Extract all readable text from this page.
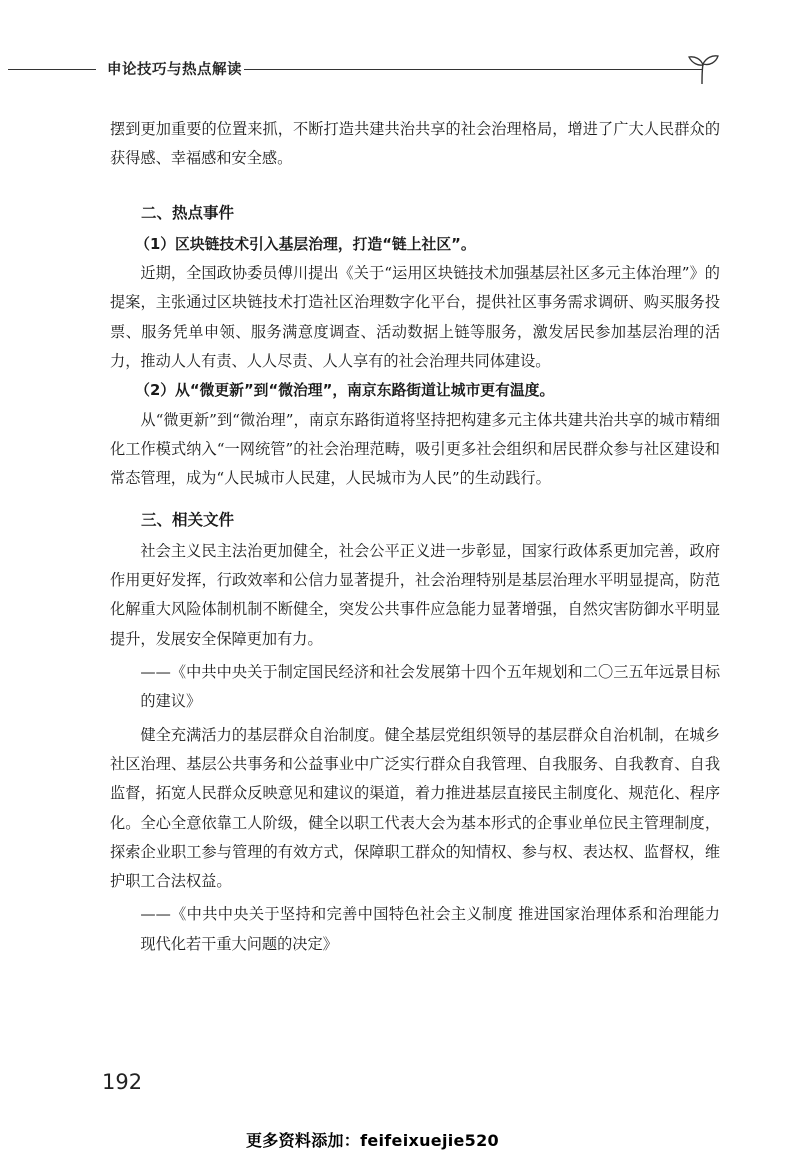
申论技巧与热点解读

摆到更加重要的位置来抓，不断打造共建共治共享的社会治理格局，增进了广大人民群众的获得感、幸福感和安全感。

二、热点事件

（1）区块链技术引入基层治理，打造“链上社区”。

近期，全国政协委员傅川提出《关于“运用区块链技术加强基层社区多元主体治理”》的提案，主张通过区块链技术打造社区治理数字化平台，提供社区事务需求调研、购买服务投票、服务凭单申领、服务满意度调查、活动数据上链等服务，激发居民参加基层治理的活力，推动人人有责、人人尽责、人人享有的社会治理共同体建设。

（2）从“微更新”到“微治理”，南京东路街道让城市更有温度。

从“微更新”到“微治理”，南京东路街道将坚持把构建多元主体共建共治共享的城市精细化工作模式纳入“一网统管”的社会治理范畴，吸引更多社会组织和居民群众参与社区建设和常态管理，成为“人民城市人民建，人民城市为人民”的生动践行。

三、相关文件

社会主义民主法治更加健全，社会公平正义进一步彰显，国家行政体系更加完善，政府作用更好发挥，行政效率和公信力显著提升，社会治理特别是基层治理水平明显提高，防范化解重大风险体制机制不断健全，突发公共事件应急能力显著增强，自然灾害防御水平明显提升，发展安全保障更加有力。

——《中共中央关于制定国民经济和社会发展第十四个五年规划和二〇三五年远景目标的建议》

健全充满活力的基层群众自治制度。健全基层党组织领导的基层群众自治机制，在城乡社区治理、基层公共事务和公益事业中广泛实行群众自我管理、自我服务、自我教育、自我监督，拓宽人民群众反映意见和建议的渠道，着力推进基层直接民主制度化、规范化、程序化。全心全意依靠工人阶级，健全以职工代表大会为基本形式的企事业单位民主管理制度，探索企业职工参与管理的有效方式，保障职工群众的知情权、参与权、表达权、监督权，维护职工合法权益。

——《中共中央关于坚持和完善中国特色社会主义制度 推进国家治理体系和治理能力现代化若干重大问题的决定》

192
更多资料添加：feifeixuejie520
